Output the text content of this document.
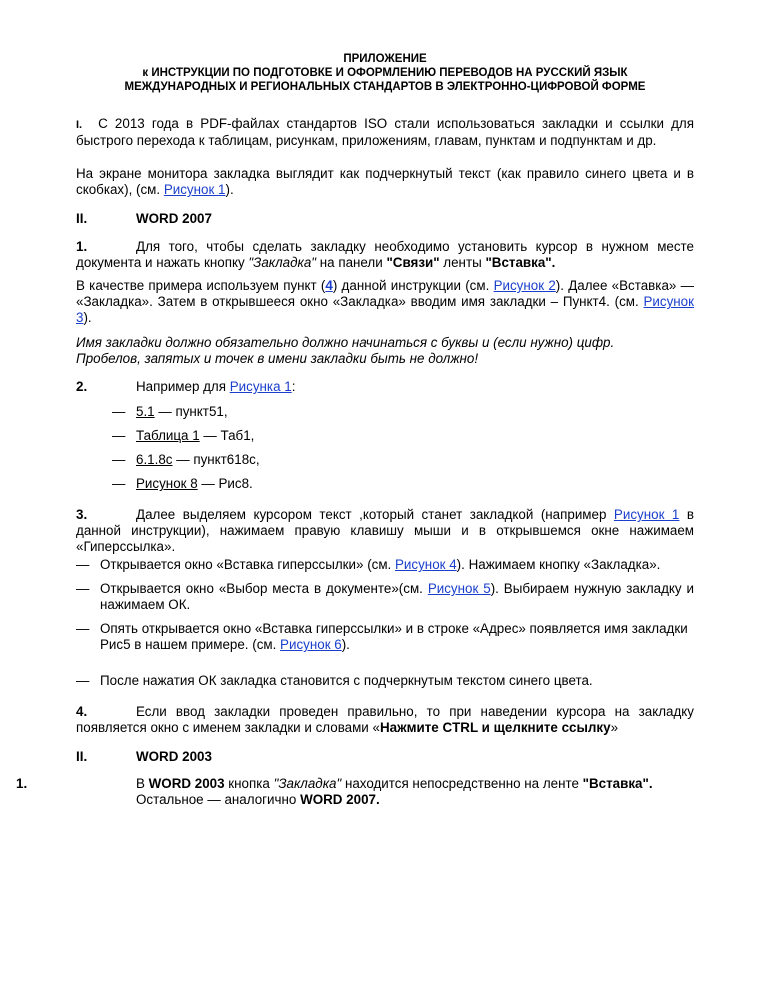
ПРИЛОЖЕНИЕ
к ИНСТРУКЦИИ ПО ПОДГОТОВКЕ И ОФОРМЛЕНИЮ ПЕРЕВОДОВ НА РУССКИЙ ЯЗЫК
МЕЖДУНАРОДНЫХ И РЕГИОНАЛЬНЫХ СТАНДАРТОВ В ЭЛЕКТРОННО-ЦИФРОВОЙ ФОРМЕ

I. С 2013 года в PDF-файлах стандартов ISO стали использоваться закладки и ссылки для быстрого перехода к таблицам, рисункам, приложениям, главам, пунктам и подпунктам и др.

На экране монитора закладка выглядит как подчеркнутый текст (как правило синего цвета и в скобках), (см. Рисунок 1).

II.	WORD 2007

1.	Для того, чтобы сделать закладку необходимо установить курсор в нужном месте документа и нажать кнопку "Закладка" на панели "Связи" ленты "Вставка".

В качестве примера используем пункт (4) данной инструкции (см. Рисунок 2). Далее «Вставка» — «Закладка». Затем в открывшееся окно «Закладка» вводим имя закладки – Пункт4. (см. Рисунок 3).

Имя закладки должно обязательно должно начинаться с буквы и (если нужно) цифр.
Пробелов, запятых и точек в имени закладки быть не должно!

2.	Например для Рисунка 1:

— 5.1 — пункт51,
— Таблица 1 — Таб1,
— 6.1.8с — пункт618с,
— Рисунок 8 — Рис8.

3.	Далее выделяем курсором текст ,который станет закладкой (например Рисунок 1 в данной инструкции), нажимаем правую клавишу мыши и в открывшемся окне нажимаем «Гиперссылка».

— Открывается окно «Вставка гиперссылки» (см. Рисунок 4). Нажимаем кнопку «Закладка».
— Открывается окно «Выбор места в документе»(см. Рисунок 5). Выбираем нужную закладку и нажимаем ОК.
— Опять открывается окно «Вставка гиперссылки» и в строке «Адрес» появляется имя закладки
Рис5 в нашем примере. (см. Рисунок 6).
— После нажатия ОК закладка становится с подчеркнутым текстом синего цвета.

4.	Если ввод закладки проведен правильно, то при наведении курсора на закладку появляется окно с именем закладки и словами «Нажмите CTRL и щелкните ссылку»

II.	WORD 2003

1.	В WORD 2003 кнопка "Закладка" находится непосредственно на ленте "Вставка".
Остальное — аналогично WORD 2007.
